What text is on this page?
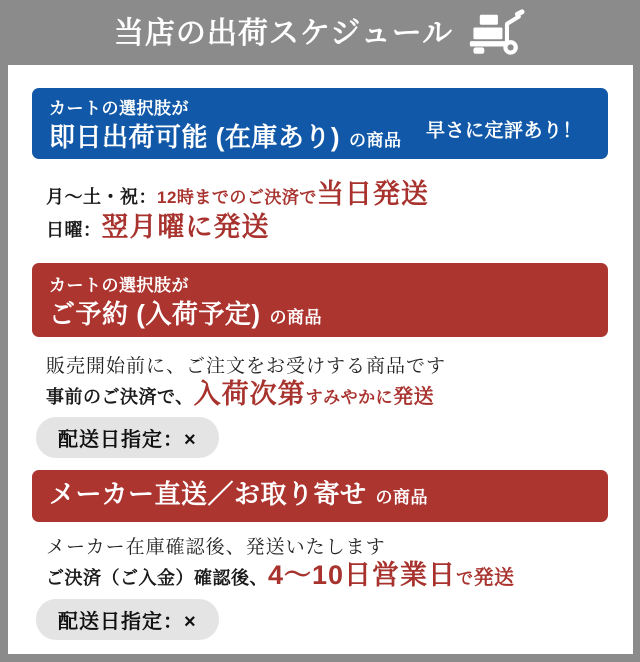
当店の出荷スケジュール
カートの選択肢が
即日出荷可能 (在庫あり) の商品	早さに定評あり！
月〜土・祝：12時までのご決済で当日発送
日曜：翌月曜に発送
カートの選択肢が
ご予約 (入荷予定) の商品
販売開始前に、ご注文をお受けする商品です
事前のご決済で、入荷次第すみやかに発送
配送日指定：×
メーカー直送／お取り寄せ の商品
メーカー在庫確認後、発送いたします
ご決済（ご入金）確認後、4〜10日営業日で発送
配送日指定：×
